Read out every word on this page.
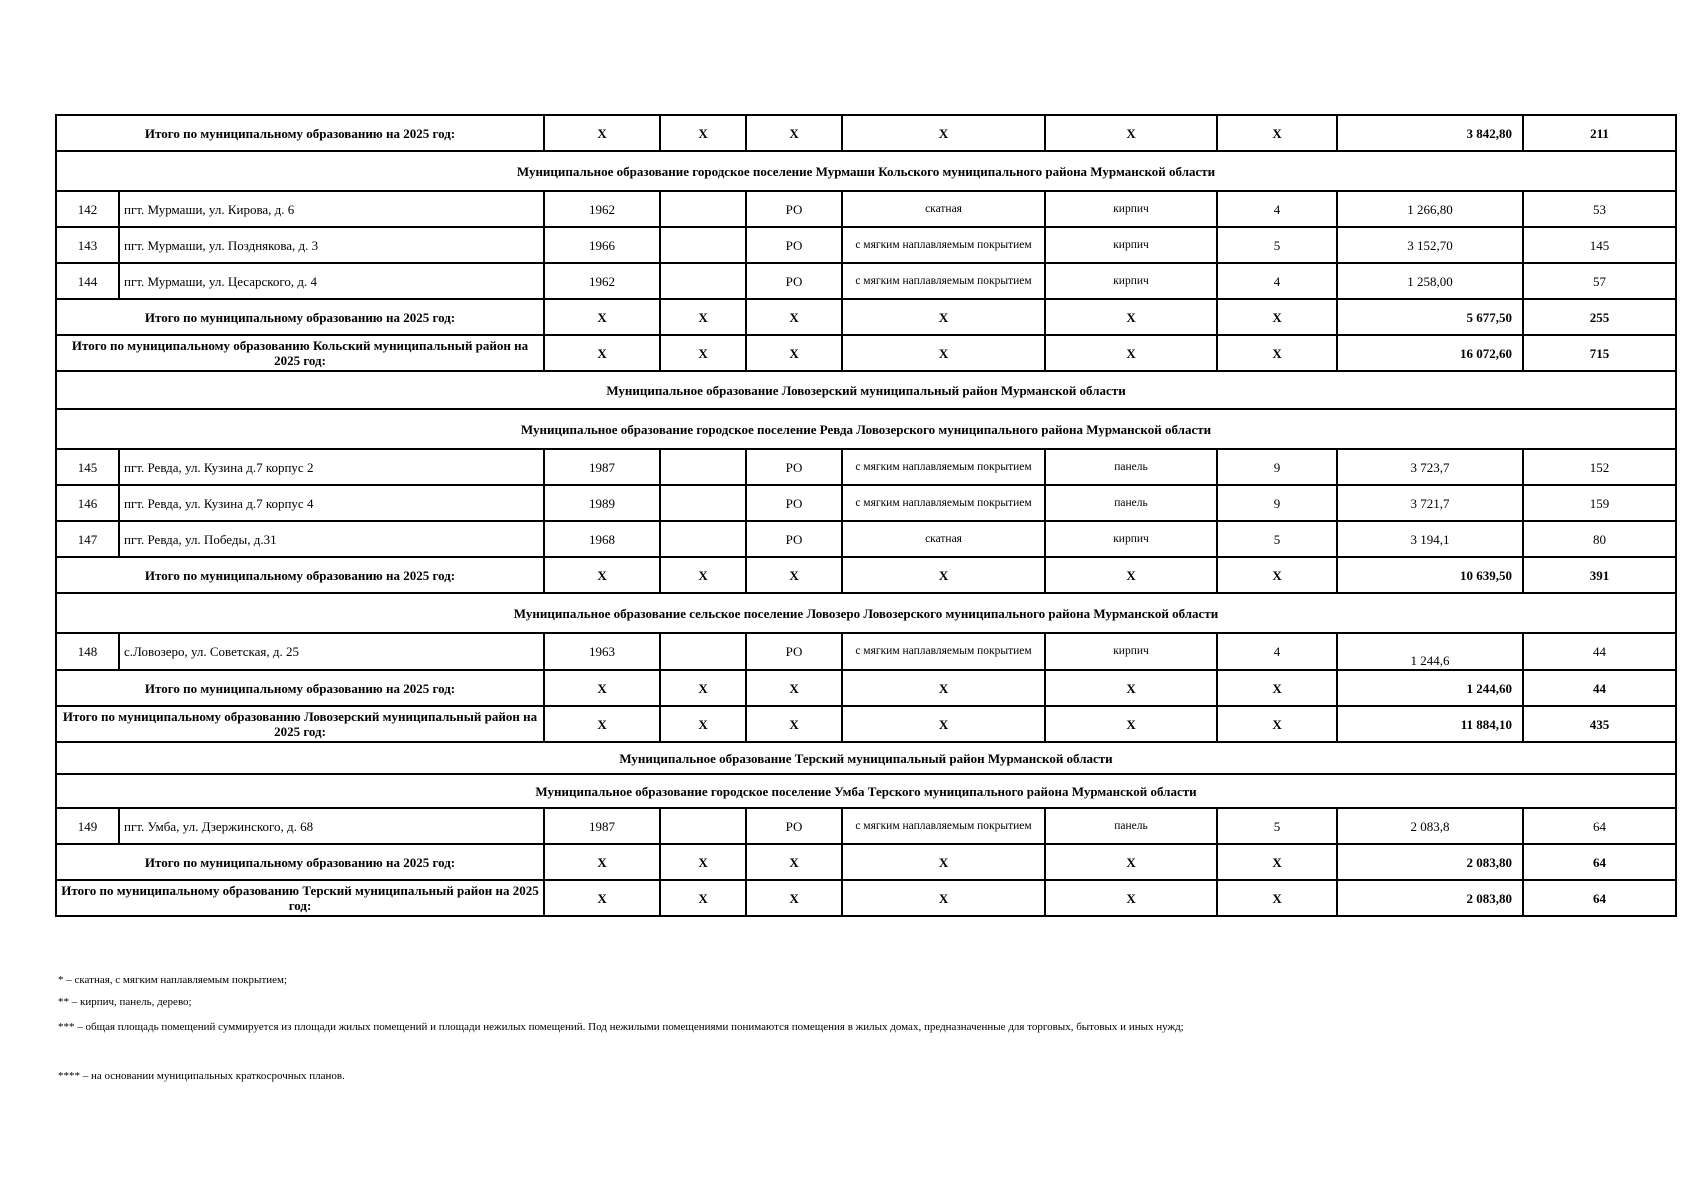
Итого по муниципальному образованию на 2025 год:		X	X	X	X	X	X	3 842,80	211
Муниципальное образование городское поселение Мурмаши Кольского муниципального района Мурманской области									
142	пгт. Мурмаши, ул. Кирова, д. 6	1962		РО	скатная	кирпич	4	1 266,80	53
143	пгт. Мурмаши, ул. Позднякова, д. 3	1966		РО	с мягким наплавляемым покрытием	кирпич	5	3 152,70	145
144	пгт. Мурмаши, ул. Цесарского, д. 4	1962		РО	с мягким наплавляемым покрытием	кирпич	4	1 258,00	57
Итого по муниципальному образованию на 2025 год:		X	X	X	X	X	X	5 677,50	255
Итого по муниципальному образованию Кольский муниципальный район на 2025 год:		X	X	X	X	X	X	16 072,60	715
Муниципальное образование Ловозерский муниципальный район Мурманской области									
Муниципальное образование городское поселение Ревда Ловозерского муниципального района Мурманской области									
145	пгт. Ревда, ул. Кузина д.7 корпус 2	1987		РО	с мягким наплавляемым покрытием	панель	9	3 723,7	152
146	пгт. Ревда, ул. Кузина д.7 корпус 4	1989		РО	с мягким наплавляемым покрытием	панель	9	3 721,7	159
147	пгт. Ревда, ул. Победы, д.31	1968		РО	скатная	кирпич	5	3 194,1	80
Итого по муниципальному образованию на 2025 год:		X	X	X	X	X	X	10 639,50	391
Муниципальное образование сельское поселение Ловозеро Ловозерского муниципального района Мурманской области									
148	с.Ловозеро, ул. Советская, д. 25	1963		РО	с мягким наплавляемым покрытием	кирпич	4	1 244,6	44
Итого по муниципальному образованию на 2025 год:		X	X	X	X	X	X	1 244,60	44
Итого по муниципальному образованию Ловозерский муниципальный район на 2025 год:		X	X	X	X	X	X	11 884,10	435
Муниципальное образование Терский муниципальный район Мурманской области									
Муниципальное образование городское поселение Умба Терского муниципального района Мурманской области									
149	пгт. Умба, ул. Дзержинского, д. 68	1987		РО	с мягким наплавляемым покрытием	панель	5	2 083,8	64
Итого по муниципальному образованию на 2025 год:		X	X	X	X	X	X	2 083,80	64
Итого по муниципальному образованию Терский муниципальный район на 2025 год:		X	X	X	X	X	X	2 083,80	64
* – скатная, с мягким наплавляемым покрытием;
** – кирпич, панель, дерево;
*** – общая площадь помещений суммируется из площади жилых помещений и площади нежилых помещений. Под нежилыми помещениями понимаются помещения в жилых домах, предназначенные для торговых, бытовых и иных нужд;
**** – на основании муниципальных краткосрочных планов.
